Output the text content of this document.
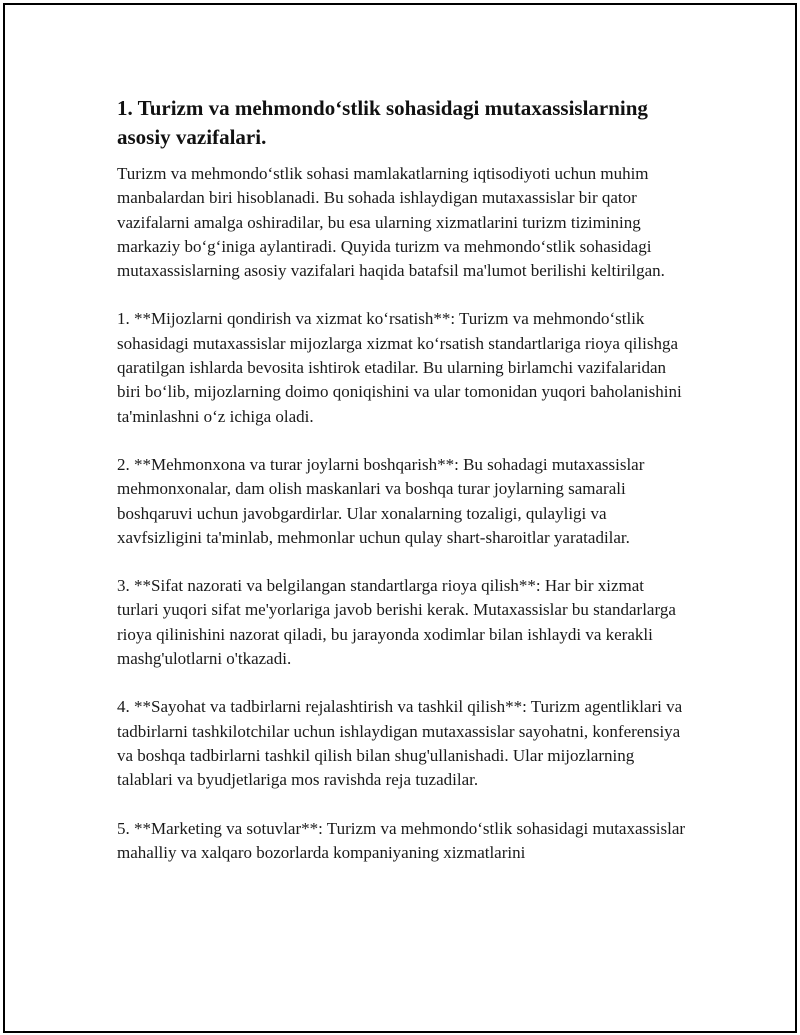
1. Turizm va mehmondo‘stlik sohasidagi mutaxassislarning asosiy vazifalari.

Turizm va mehmondo‘stlik sohasi mamlakatlarning iqtisodiyoti uchun muhim manbalardan biri hisoblanadi. Bu sohada ishlaydigan mutaxassislar bir qator vazifalarni amalga oshiradilar, bu esa ularning xizmatlarini turizm tizimining markaziy bo‘g‘iniga aylantiradi. Quyida turizm va mehmondo‘stlik sohasidagi mutaxassislarning asosiy vazifalari haqida batafsil ma'lumot berilishi keltirilgan.

1. **Mijozlarni qondirish va xizmat ko‘rsatish**: Turizm va mehmondo‘stlik sohasidagi mutaxassislar mijozlarga xizmat ko‘rsatish standartlariga rioya qilishga qaratilgan ishlarda bevosita ishtirok etadilar. Bu ularning birlamchi vazifalaridan biri bo‘lib, mijozlarning doimo qoniqishini va ular tomonidan yuqori baholanishini ta'minlashni o‘z ichiga oladi.

2. **Mehmonxona va turar joylarni boshqarish**: Bu sohadagi mutaxassislar mehmonxonalar, dam olish maskanlari va boshqa turar joylarning samarali boshqaruvi uchun javobgardirlar. Ular xonalarning tozaligi, qulayligi va xavfsizligini ta'minlab, mehmonlar uchun qulay shart-sharoitlar yaratadilar.

3. **Sifat nazorati va belgilangan standartlarga rioya qilish**: Har bir xizmat turlari yuqori sifat me'yorlariga javob berishi kerak. Mutaxassislar bu standarlarga rioya qilinishini nazorat qiladi, bu jarayonda xodimlar bilan ishlaydi va kerakli mashg'ulotlarni o'tkazadi.

4. **Sayohat va tadbirlarni rejalashtirish va tashkil qilish**: Turizm agentliklari va tadbirlarni tashkilotchilar uchun ishlaydigan mutaxassislar sayohatni, konferensiya va boshqa tadbirlarni tashkil qilish bilan shug'ullanishadi. Ular mijozlarning talablari va byudjetlariga mos ravishda reja tuzadilar.

5. **Marketing va sotuvlar**: Turizm va mehmondo‘stlik sohasidagi mutaxassislar mahalliy va xalqaro bozorlarda kompaniyaning xizmatlarini
